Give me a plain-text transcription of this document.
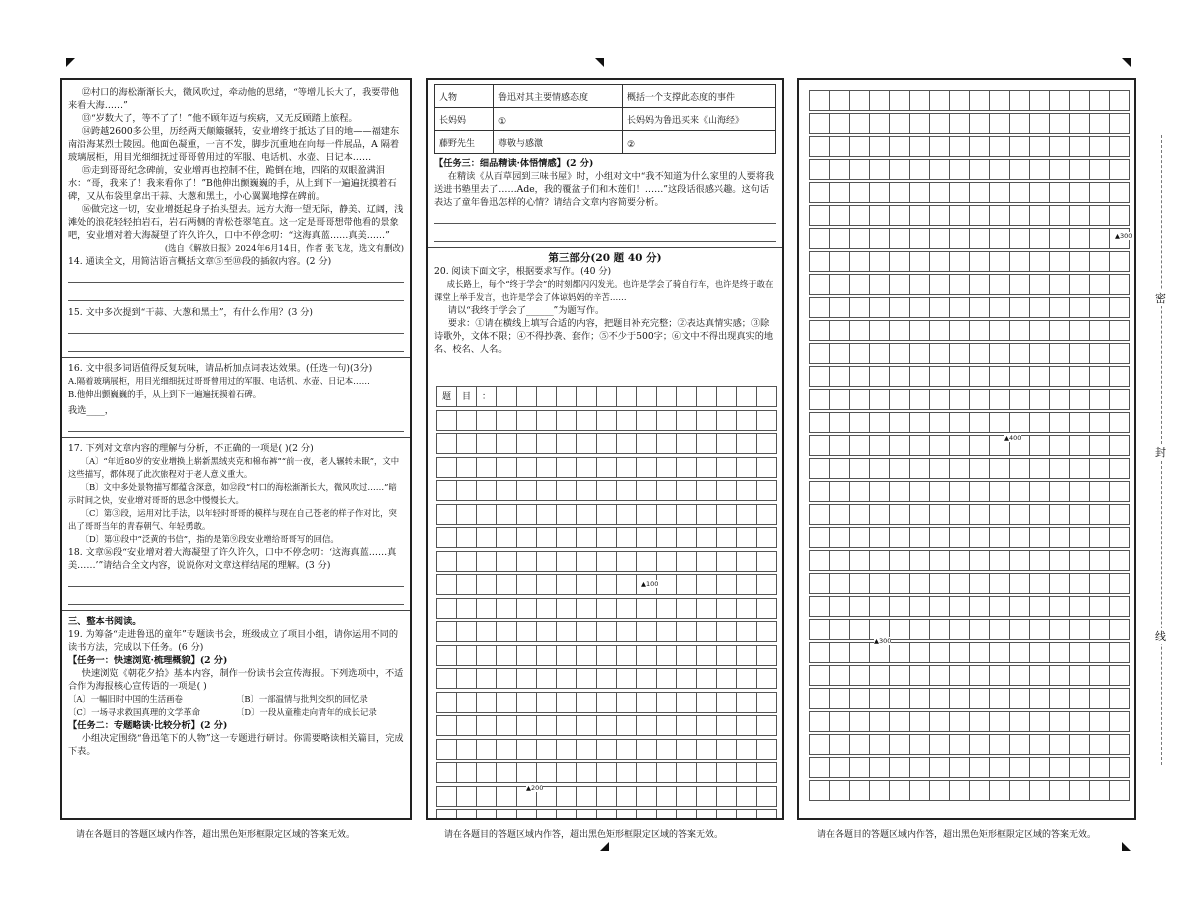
⑫村口的海松渐渐长大，微风吹过，牵动他的思绪，“等增儿长大了，我要带他来看大海……”

⑬“岁数大了，等不了了！”他不顾年迈与疾病，又无反顾踏上旅程。

⑭跨越2600多公里，历经两天颠簸辗转，安业增终于抵达了目的地——福建东南沿海某烈士陵园。他面色凝重，一言不发，脚步沉重地在向每一件展品，A 隔着玻璃展柜，用目光细细抚过哥哥曾用过的军服、电话机、水壶、日记本……

⑮走到哥哥纪念碑前，安业增再也控制不住，跪倒在地，四陷的双眼盈满泪水：“哥，我来了！我来看你了！”B他伸出颤巍巍的手，从上到下一遍遍抚摸着石碑，又从布袋里拿出干蒜、大葱和黑土，小心翼翼地撑在碑前。

⑯做完这一切，安业增挺起身子抬头望去。远方大海一望无际，静美、辽阔，浅滩处的浪花轻轻拍岩石，岩石两侧的青松苍翠笔直。这一定是哥哥想带他看的景象吧，安业增对着大海凝望了许久许久，口中不停念叨：“这海真蓝……真美……”

(选自《解放日报》2024年6月14日，作者 张飞龙，选文有删改)

14. 通读全文，用简洁语言概括文章⑤至⑩段的插叙内容。(2 分)

15. 文中多次提到“干蒜、大葱和黑土”，有什么作用？(3 分)

16. 文中很多词语值得反复玩味，请品析加点词表达效果。(任选一句)(3分)

A.隔着玻璃展柜，用目光细细抚过哥哥曾用过的军服、电话机、水壶、日记本……

B.他伸出颤巍巍的手，从上到下一遍遍抚摸着石碑。

我选____，

17. 下列对文章内容的理解与分析，不正确的一项是( )(2 分)

〔A〕“年近80岁的安业增换上崭新黑绒夹克和棉布裤”“前一夜，老人辗转未眠”，文中这些描写，都体现了此次旅程对于老人意义重大。

〔B〕文中多处景物描写都蕴含深意，如⑫段“村口的海松渐渐长大，微风吹过……”暗示时间之快，安业增对哥哥的思念中慢慢长大。

〔C〕第③段，运用对比手法，以年轻时哥哥的模样与现在自己苍老的样子作对比，突出了哥哥当年的青春朝气、年轻勇敢。

〔D〕第⑪段中“泛黄的书信”，指的是第⑨段安业增给哥哥写的回信。

18. 文章⑯段“安业增对着大海凝望了许久许久，口中不停念叨：‘这海真蓝……真美……’”请结合全文内容，说说你对文章这样结尾的理解。(3 分)

三、整本书阅读。

19. 为筹备“走进鲁迅的童年”专题读书会，班级成立了项目小组，请你运用不同的读书方法，完成以下任务。(6 分)

【任务一：快速浏览·梳理概貌】(2 分)

快速浏览《朝花夕拾》基本内容，制作一份读书会宣传海报。下列选项中，不适合作为海报核心宣传语的一项是( )

〔A〕一幅旧时中国的生活画卷	〔B〕一部温情与批判交织的回忆录

〔C〕一场寻求救国真理的文学革命	〔D〕一段从童稚走向青年的成长记录

【任务二：专题略读·比较分析】(2 分)

小组决定围绕“鲁迅笔下的人物”这一专题进行研讨。你需要略读相关篇目，完成下表。

人物	鲁迅对其主要情感态度	概括一个支撑此态度的事件
长妈妈	①	长妈妈为鲁迅买来《山海经》
藤野先生	尊敬与感激	②

【任务三：细品精读·体悟情感】(2 分)

在精读《从百草园到三味书屋》时，小组对文中“我不知道为什么家里的人要将我送进书塾里去了……Ade，我的覆盆子们和木莲们！……”这段话很感兴趣。这句话表达了童年鲁迅怎样的心情？请结合文章内容简要分析。

第三部分(20 题 40 分)

20. 阅读下面文字，根据要求写作。(40 分)

成长路上，每个“终于学会”的时刻都闪闪发光。也许是学会了骑自行车，也许是终于敢在课堂上举手发言，也许是学会了体谅妈妈的辛苦……

请以“我终于学会了______”为题写作。

要求：①请在横线上填写合适的内容，把题目补充完整；②表达真情实感；③除诗歌外，文体不限；④不得抄袭、套作；⑤不少于500字；⑥文中不得出现真实的地名、校名、人名。

题	目	：
▲100
▲200
▲300
▲400
▲300
密
封
线
请在各题目的答题区域内作答，超出黑色矩形框限定区域的答案无效。	请在各题目的答题区域内作答，超出黑色矩形框限定区域的答案无效。	请在各题目的答题区域内作答，超出黑色矩形框限定区域的答案无效。
